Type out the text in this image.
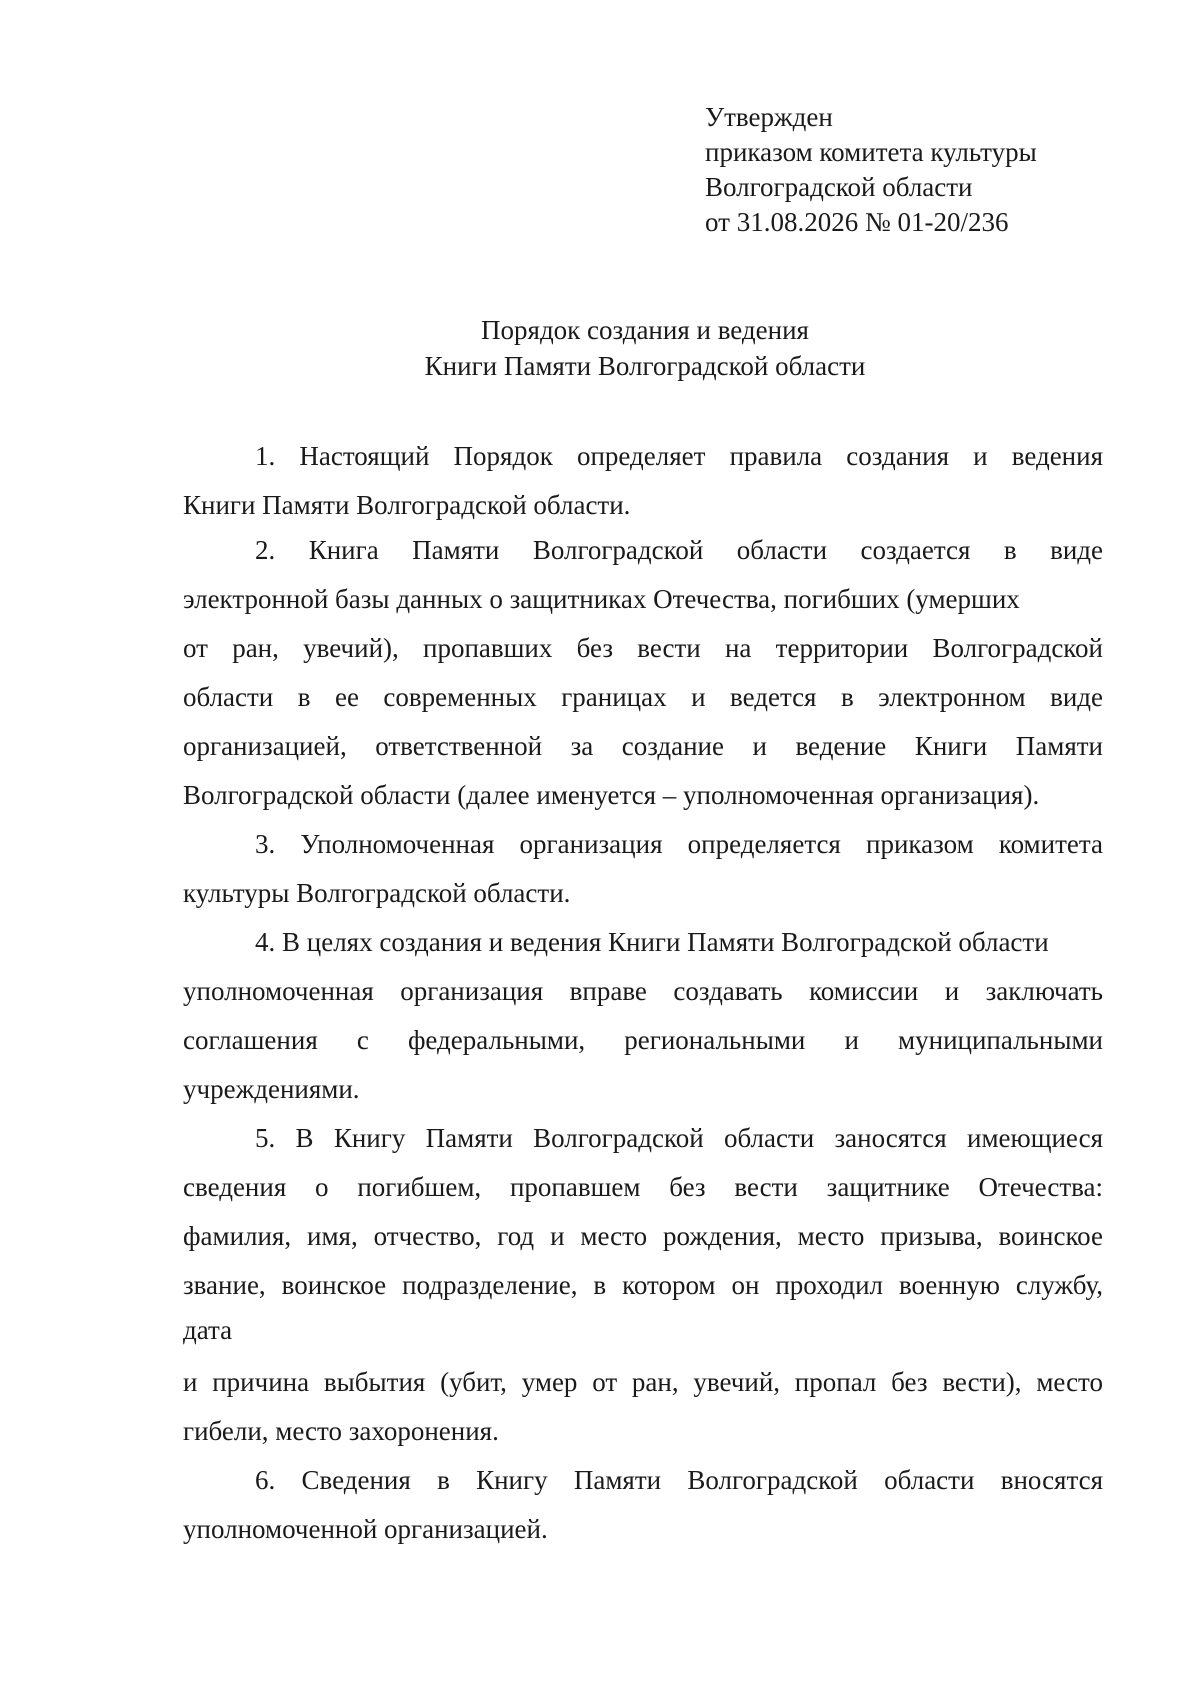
Утвержден
приказом комитета культуры
Волгоградской области
от 31.08.2026 № 01-20/236
Порядок создания и ведения
Книги Памяти Волгоградской области
1. Настоящий Порядок определяет правила создания и ведения
Книги Памяти Волгоградской области.
2. Книга Памяти Волгоградской области создается в виде
электронной базы данных о защитниках Отечества, погибших (умерших
от ран, увечий), пропавших без вести на территории Волгоградской
области в ее современных границах и ведется в электронном виде
организацией, ответственной за создание и ведение Книги Памяти
Волгоградской области (далее именуется – уполномоченная организация).
3. Уполномоченная организация определяется приказом комитета
культуры Волгоградской области.
4. В целях создания и ведения Книги Памяти Волгоградской области
уполномоченная организация вправе создавать комиссии и заключать
соглашения с федеральными, региональными и муниципальными
учреждениями.
5. В Книгу Памяти Волгоградской области заносятся имеющиеся
сведения о погибшем, пропавшем без вести защитнике Отечества:
фамилия, имя, отчество, год и место рождения, место призыва, воинское
звание, воинское подразделение, в котором он проходил военную службу,
дата
и причина выбытия (убит, умер от ран, увечий, пропал без вести), место
гибели, место захоронения.
6. Сведения в Книгу Памяти Волгоградской области вносятся
уполномоченной организацией.
